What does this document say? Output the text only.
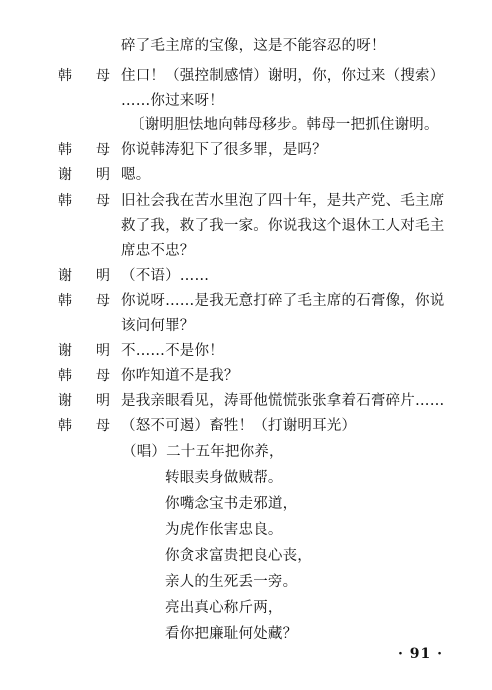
碎了毛主席的宝像，这是不能容忍的呀！
韩 母 住口！（强控制感情）谢明，你，你过来（搜索）
……你过来呀！
〔谢明胆怯地向韩母移步。韩母一把抓住谢明。
韩 母 你说韩涛犯下了很多罪，是吗？
谢 明 嗯。
韩 母 旧社会我在苦水里泡了四十年，是共产党、毛主席
救了我，救了我一家。你说我这个退休工人对毛主
席忠不忠？
谢 明 （不语）……
韩 母 你说呀……是我无意打碎了毛主席的石膏像，你说
该问何罪？
谢 明 不……不是你！
韩 母 你咋知道不是我？
谢 明 是我亲眼看见，涛哥他慌慌张张拿着石膏碎片……
韩 母 （怒不可遏）畜牲！（打谢明耳光）
（唱）二十五年把你养，
转眼卖身做贼帮。
你嘴念宝书走邪道，
为虎作伥害忠良。
你贪求富贵把良心丧，
亲人的生死丢一旁。
亮出真心称斤两，
看你把廉耻何处藏？
· 91 ·
